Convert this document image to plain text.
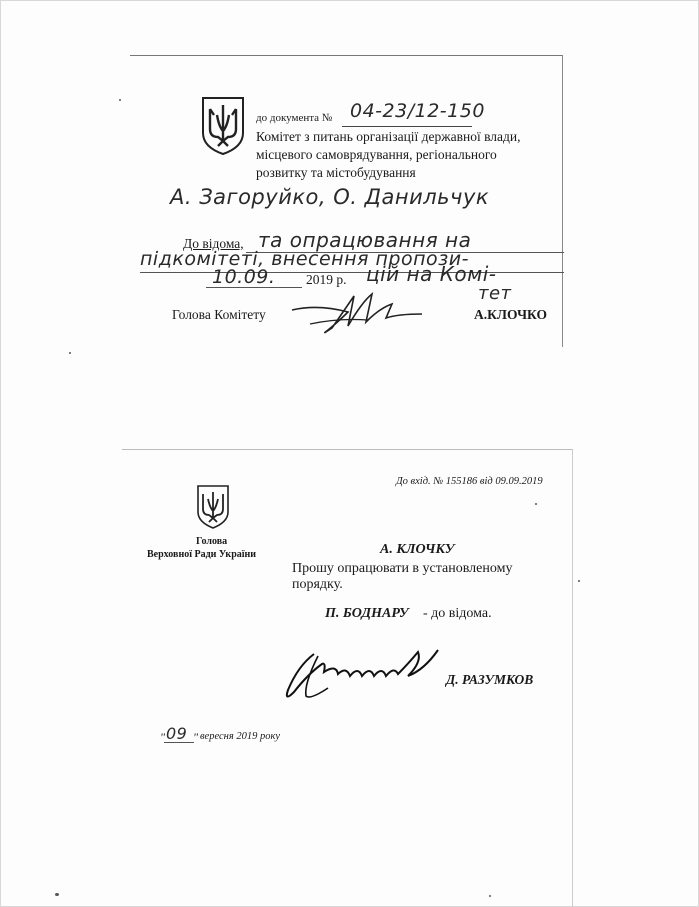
до документа № 04-23/12-150
Комітет з питань організації державної влади,
місцевого самоврядування, регіонального
розвитку та містобудування
А. Загоруйко, О. Данильчук
До відома, та опрацювання на
підкомітеті, внесення пропози-
10.09. 2019 р. цій на Комі-
тет
Голова Комітету	А.КЛОЧКО
До вхід. № 155186 від 09.09.2019
Голова
Верховної Ради України	А. КЛОЧКУ
Прошу опрацювати в установленому
порядку.
П. БОДНАРУ - до відома.
Д. РАЗУМКОВ
" 09 " вересня 2019 року
